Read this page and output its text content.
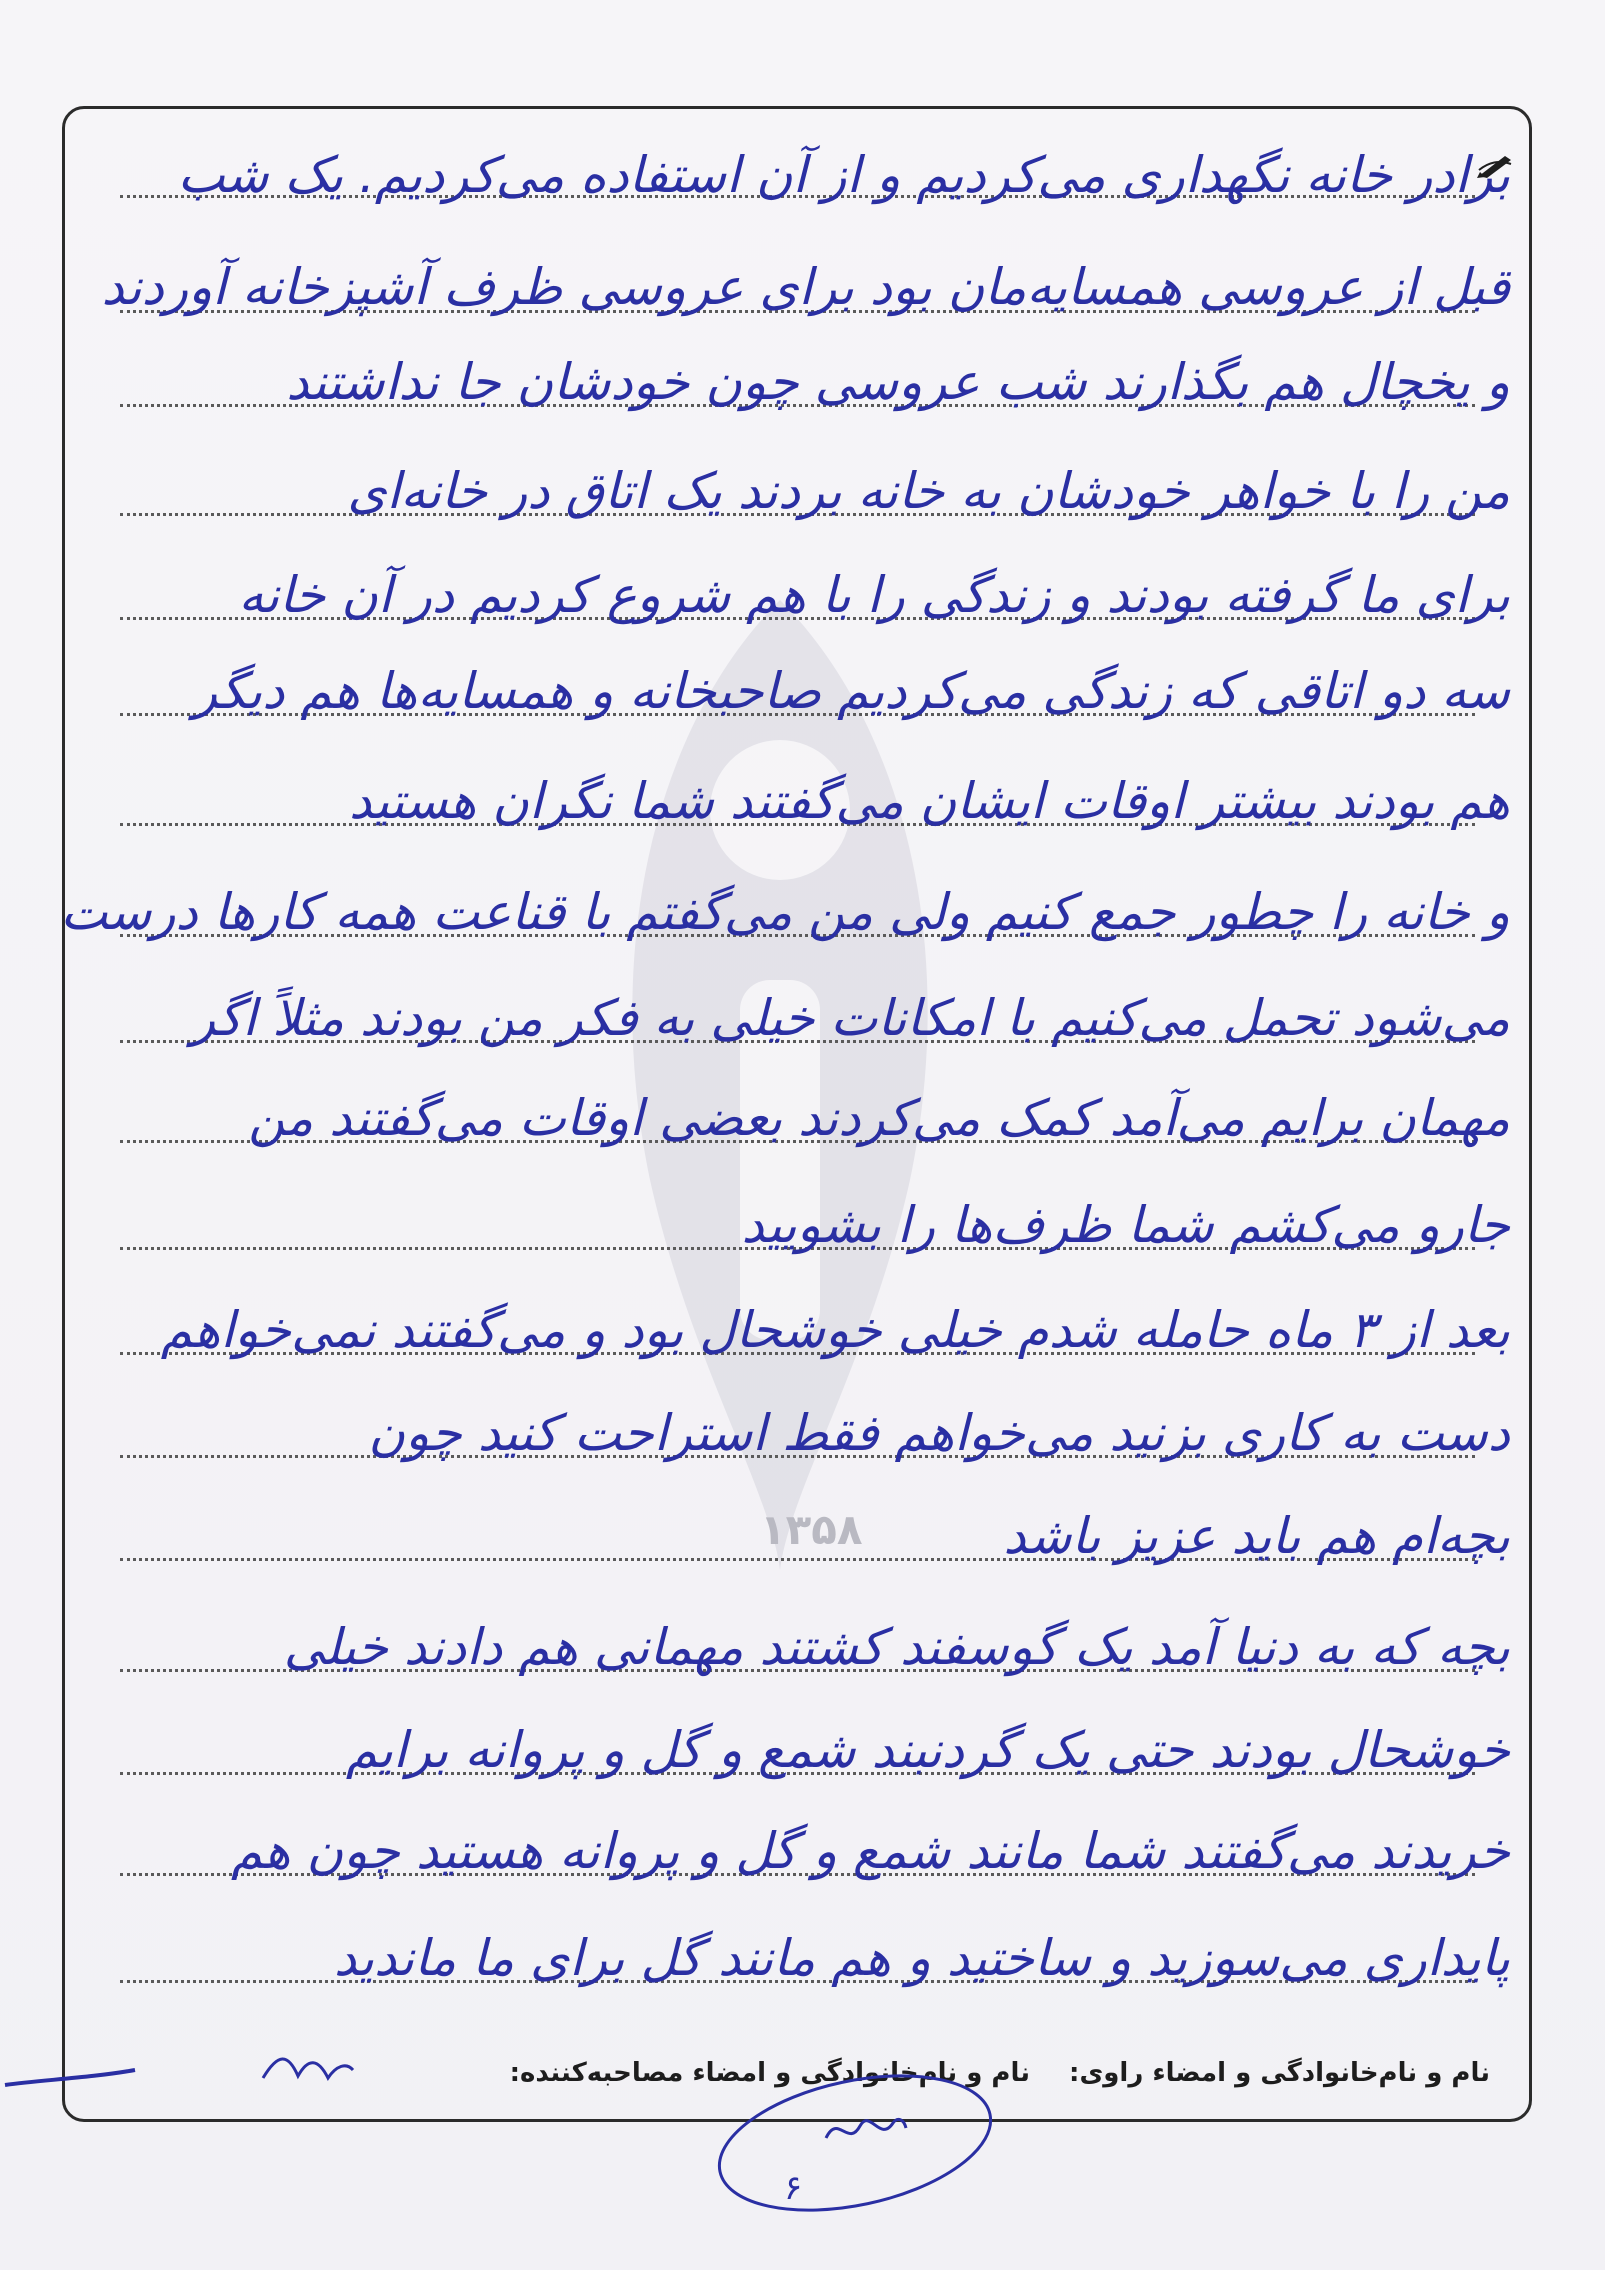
۱۳۵۸
برادر خانه نگهداری می‌کردیم و از آن استفاده می‌کردیم. یک شب
قبل از عروسی همسایه‌مان بود برای عروسی ظرف آشپزخانه آوردند
و یخچال هم بگذارند شب عروسی چون خودشان جا نداشتند
من را با خواهر خودشان به خانه بردند یک اتاق در خانه‌ای
برای ما گرفته بودند و زندگی را با هم شروع کردیم در آن خانه
سه دو اتاقی که زندگی می‌کردیم صاحبخانه و همسایه‌ها هم دیگر
هم بودند بیشتر اوقات ایشان می‌گفتند شما نگران هستید
و خانه را چطور جمع کنیم ولی من می‌گفتم با قناعت همه کارها درست
می‌شود تحمل می‌کنیم با امکانات خیلی به فکر من بودند مثلاً اگر
مهمان برایم می‌آمد کمک می‌کردند بعضی اوقات می‌گفتند من
جارو می‌کشم شما ظرف‌ها را بشویید
بعد از ۳ ماه حامله شدم خیلی خوشحال بود و می‌گفتند نمی‌خواهم
دست به کاری بزنید می‌خواهم فقط استراحت کنید چون
بچه‌ام هم باید عزیز باشد
بچه که به دنیا آمد یک گوسفند کشتند مهمانی هم دادند خیلی
خوشحال بودند حتی یک گردنبند شمع و گل و پروانه برایم
خریدند می‌گفتند شما مانند شمع و گل و پروانه هستید چون هم
پایداری می‌سوزید و ساختید و هم مانند گل برای ما ماندید
نام و نام‌خانوادگی و امضاء راوی:
نام و نام‌خانوادگی و امضاء مصاحبه‌کننده:
۶
